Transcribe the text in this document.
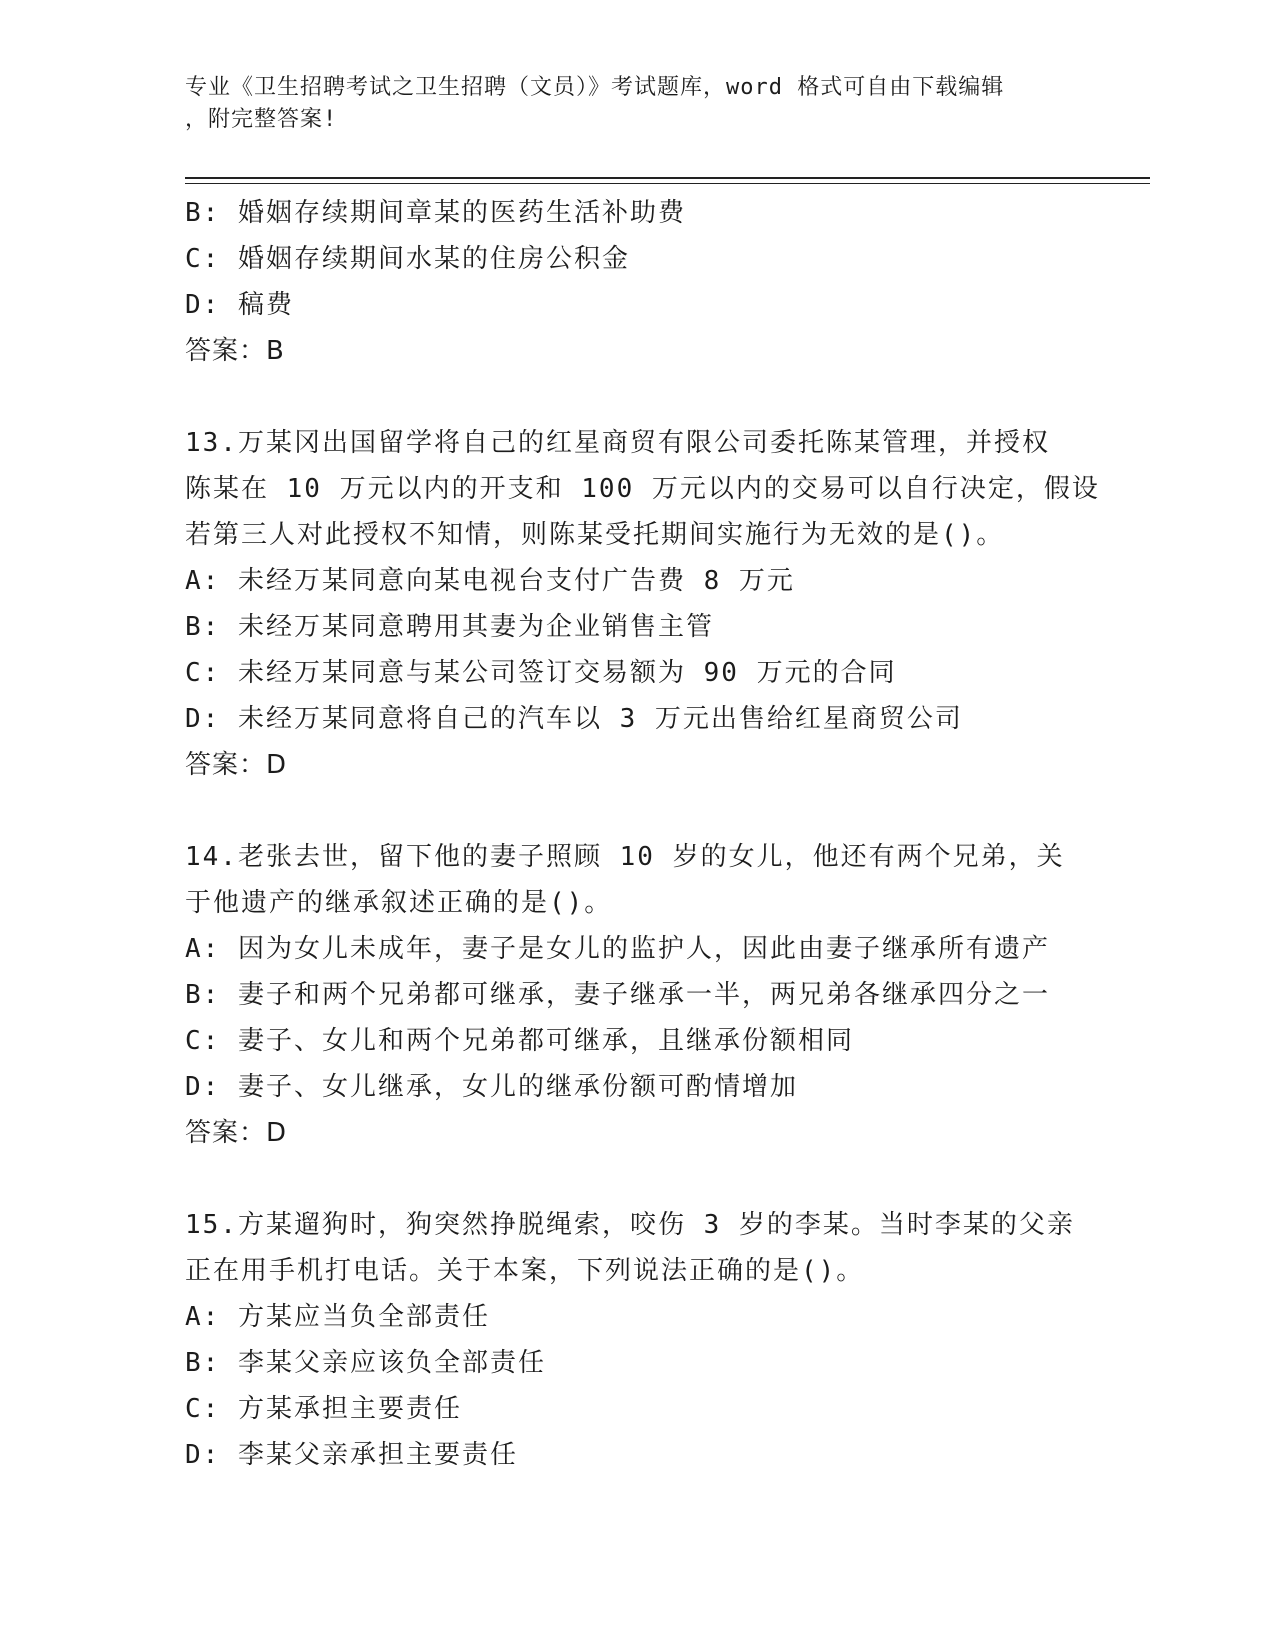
专业《卫生招聘考试之卫生招聘（文员）》考试题库，word 格式可自由下载编辑
，附完整答案!
B: 婚姻存续期间章某的医药生活补助费
C: 婚姻存续期间水某的住房公积金
D: 稿费
答案：B
13.万某冈出国留学将自己的红星商贸有限公司委托陈某管理，并授权
陈某在 10 万元以内的开支和 100 万元以内的交易可以自行决定，假设
若第三人对此授权不知情，则陈某受托期间实施行为无效的是()。
A: 未经万某同意向某电视台支付广告费 8 万元
B: 未经万某同意聘用其妻为企业销售主管
C: 未经万某同意与某公司签订交易额为 90 万元的合同
D: 未经万某同意将自己的汽车以 3 万元出售给红星商贸公司
答案：D
14.老张去世，留下他的妻子照顾 10 岁的女儿，他还有两个兄弟，关
于他遗产的继承叙述正确的是()。
A: 因为女儿未成年，妻子是女儿的监护人，因此由妻子继承所有遗产
B: 妻子和两个兄弟都可继承，妻子继承一半，两兄弟各继承四分之一
C: 妻子、女儿和两个兄弟都可继承，且继承份额相同
D: 妻子、女儿继承，女儿的继承份额可酌情增加
答案：D
15.方某遛狗时，狗突然挣脱绳索，咬伤 3 岁的李某。当时李某的父亲
正在用手机打电话。关于本案，下列说法正确的是()。
A: 方某应当负全部责任
B: 李某父亲应该负全部责任
C: 方某承担主要责任
D: 李某父亲承担主要责任
